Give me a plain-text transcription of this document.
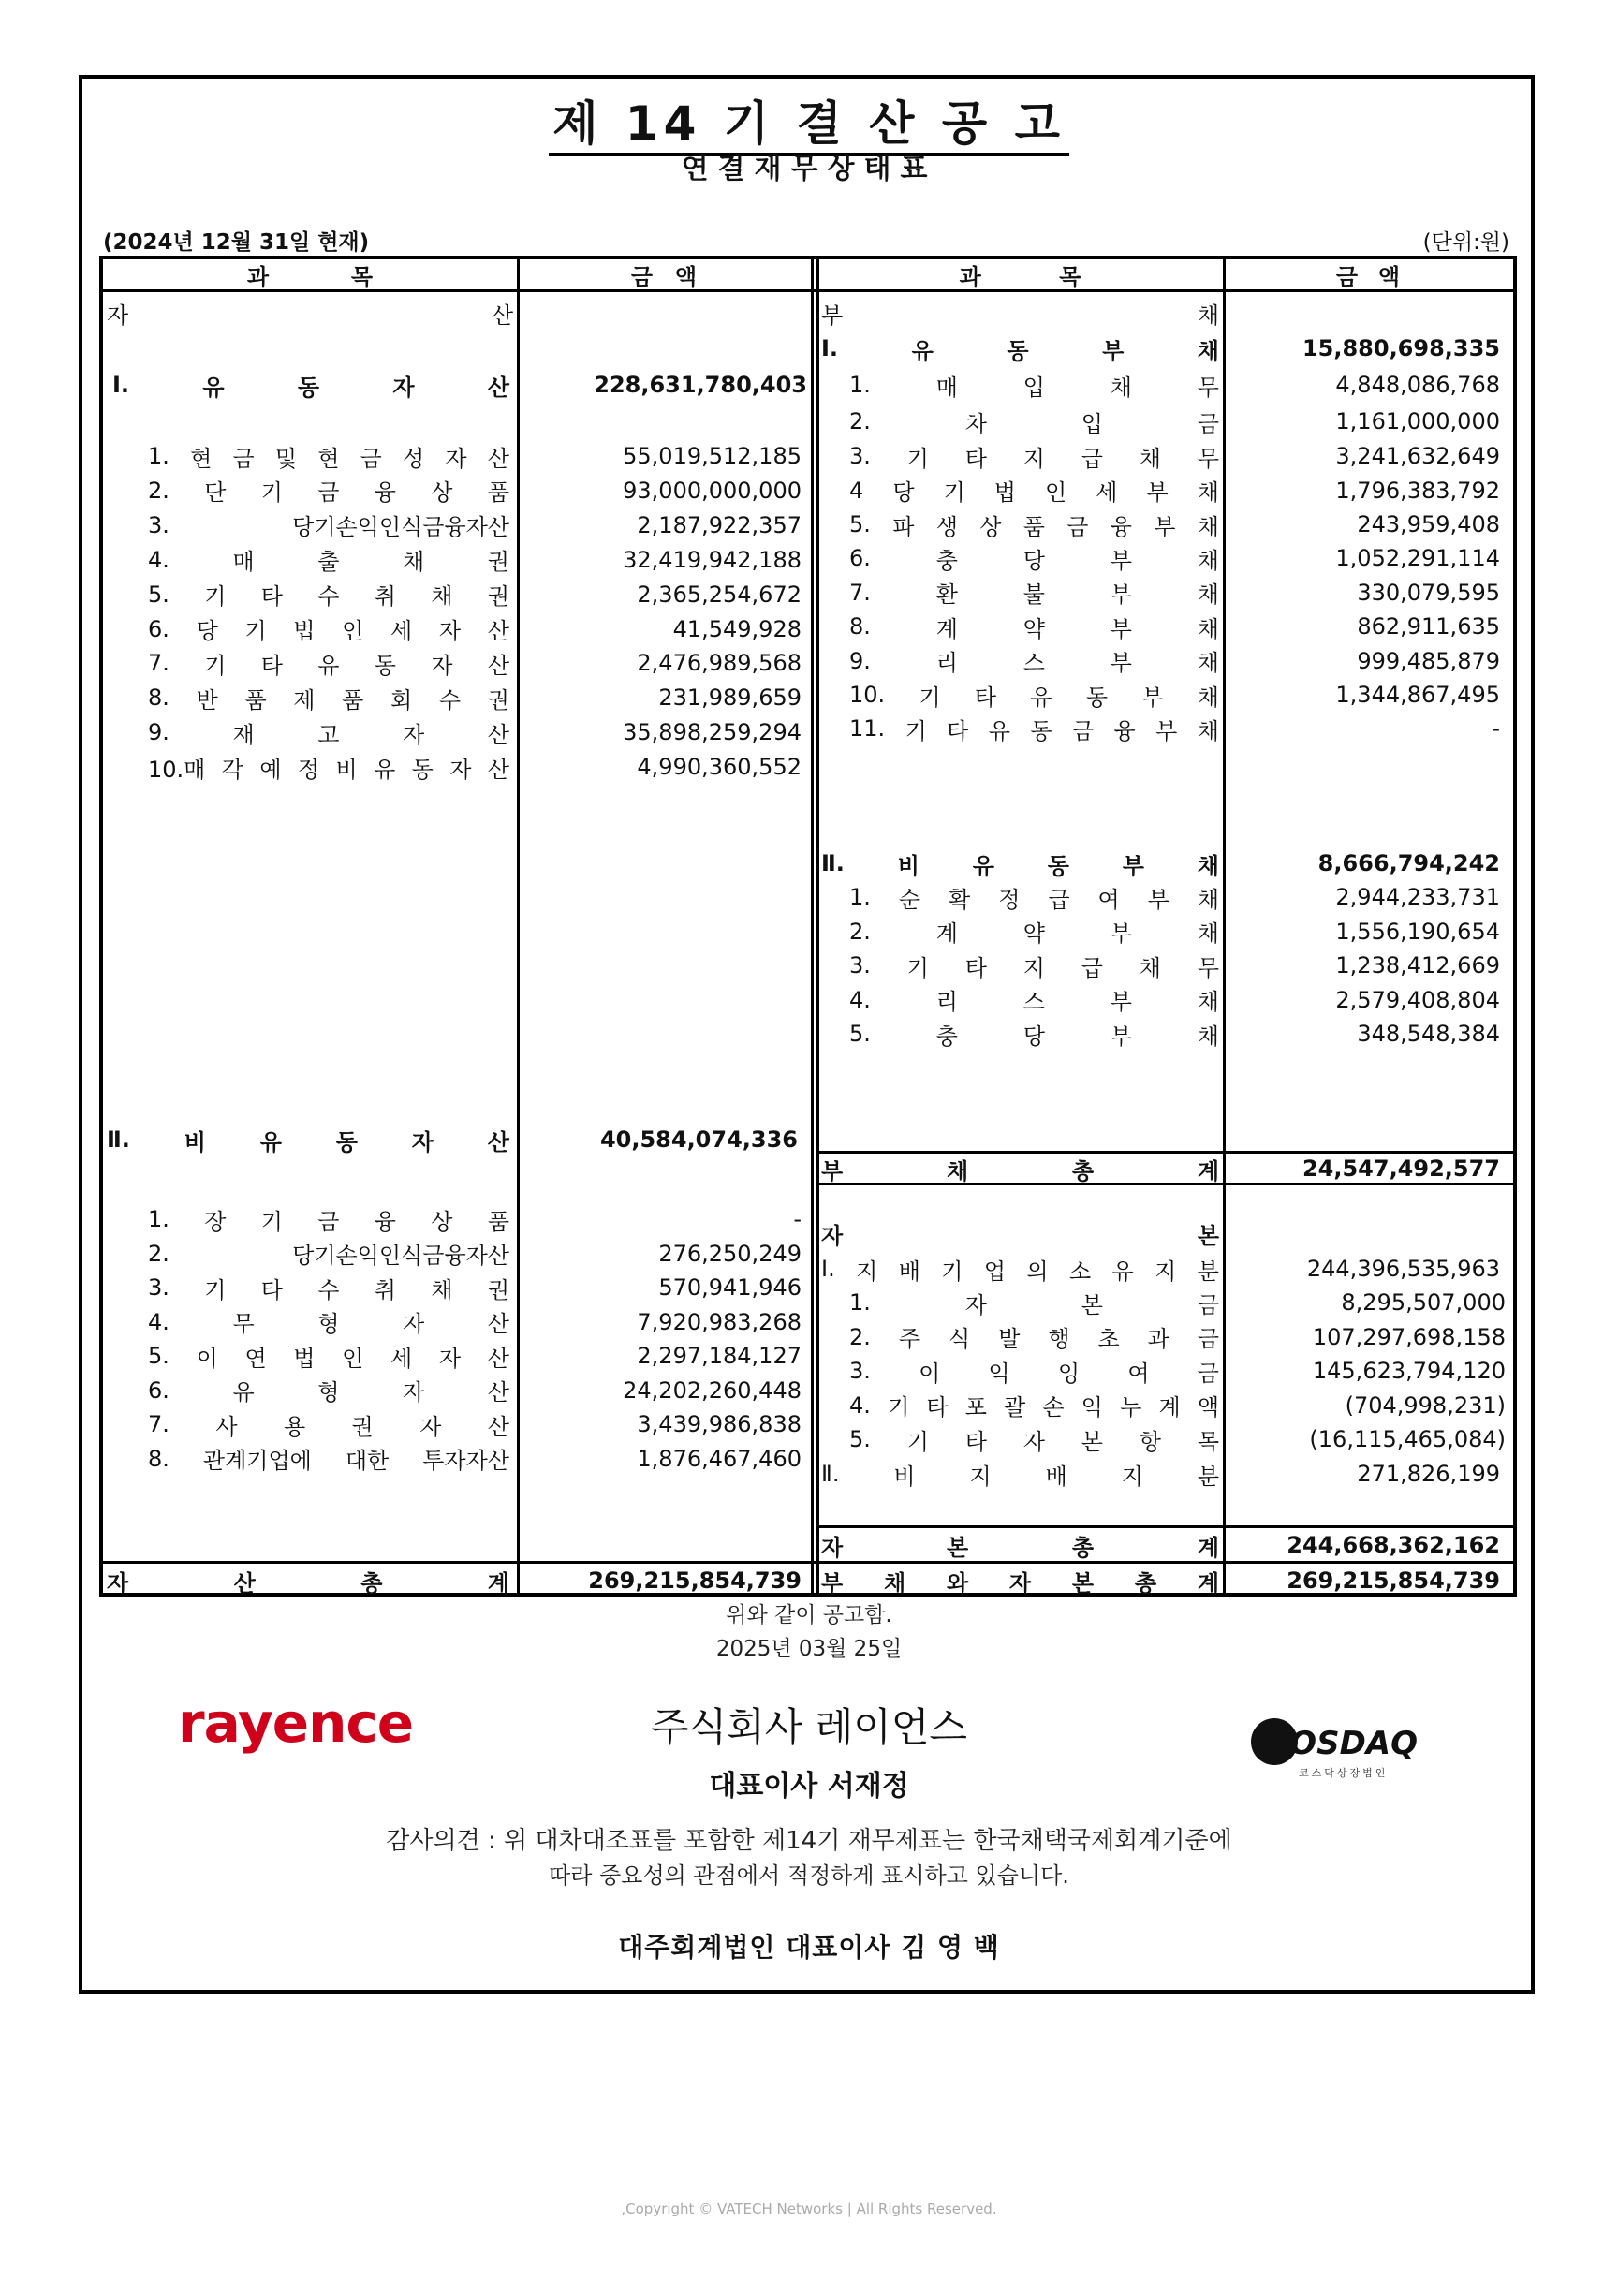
제 14 기 결 산 공 고
연결재무상태표
(2024년 12월 31일 현재)	(단위:원)
과	목	금 액	과	목	금 액
자	산
Ⅰ.	유	동	자	산	228,631,780,403
1. 현 금 및 현 금 성 자 산	55,019,512,185
2. 단 기 금 융 상 품	93,000,000,000
3.	당기손익인식금융자산	2,187,922,357
4.	매	출	채	권	32,419,942,188
5. 기 타 수 취 채 권	2,365,254,672
6. 당 기 법 인 세 자 산	41,549,928
7. 기 타 유 동 자 산	2,476,989,568
8. 반 품 제 품 회 수 권	231,989,659
9.	재	고	자	산	35,898,259,294
10.매 각 예 정 비 유 동 자 산	4,990,360,552
Ⅱ. 비 유 동 자 산	40,584,074,336
1. 장 기 금 융 상 품	-
2.	당기손익인식금융자산	276,250,249
3. 기 타 수 취 채 권	570,941,946
4.	무	형	자	산	7,920,983,268
5. 이 연 법 인 세 자 산	2,297,184,127
6.	유	형	자	산	24,202,260,448
7. 사 용 권 자 산	3,439,986,838
8. 관계기업에 대한 투자자산	1,876,467,460
자	산	총	계	269,215,854,739
부	채
Ⅰ.	유	동	부	채	15,880,698,335
1.	매	입	채	무	4,848,086,768
2.	차	입	금	1,161,000,000
3. 기 타 지 급 채 무	3,241,632,649
4 당 기 법 인 세 부 채	1,796,383,792
5. 파 생 상 품 금 융 부 채	243,959,408
6.	충	당	부	채	1,052,291,114
7.	환	불	부	채	330,079,595
8.	계	약	부	채	862,911,635
9.	리	스	부	채	999,485,879
10. 기 타 유 동 부 채	1,344,867,495
11. 기 타 유 동 금 융 부 채	-
Ⅱ. 비 유 동 부 채	8,666,794,242
1. 순 확 정 급 여 부 채	2,944,233,731
2.	계	약	부	채	1,556,190,654
3. 기 타 지 급 채 무	1,238,412,669
4.	리	스	부	채	2,579,408,804
5.	충	당	부	채	348,548,384
부	채	총	계	24,547,492,577
자	본
Ⅰ. 지 배 기 업 의 소 유 지 분	244,396,535,963
1.	자	본	금	8,295,507,000
2. 주 식 발 행 초 과 금	107,297,698,158
3. 이 익 잉 여 금	145,623,794,120
4. 기 타 포 괄 손 익 누 계 액	(704,998,231)
5. 기 타 자 본 항 목	(16,115,465,084)
Ⅱ. 비 지 배 지 분	271,826,199
자	본	총	계	244,668,362,162
부 채 와 자 본 총 계	269,215,854,739
위와 같이 공고함.
2025년 03월 25일
rayence	주식회사 레이언스
대표이사 서재정
KOSDAQ
코스닥상장법인
감사의견 : 위 대차대조표를 포함한 제14기 재무제표는 한국채택국제회계기준에
따라 중요성의 관점에서 적정하게 표시하고 있습니다.
대주회계법인 대표이사 김 영 백
,Copyright © VATECH Networks | All Rights Reserved.
